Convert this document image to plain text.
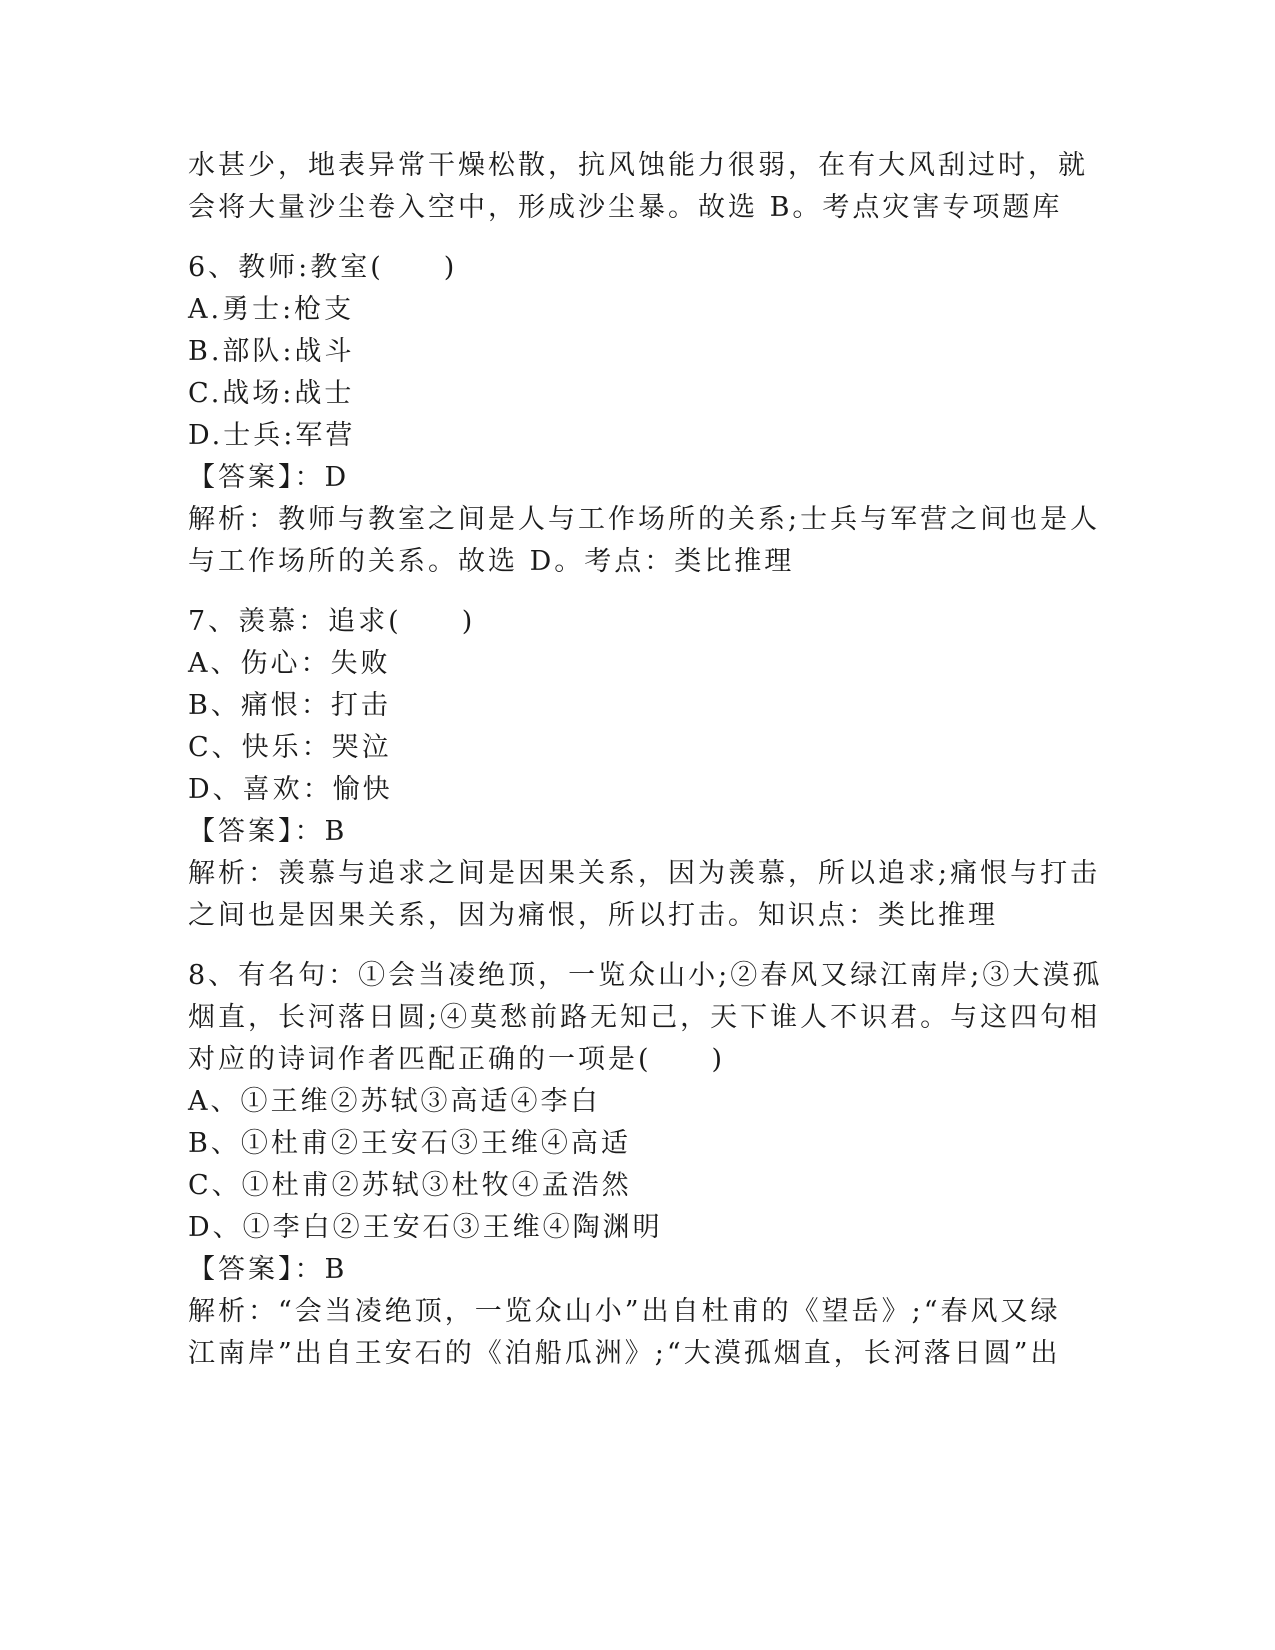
水甚少，地表异常干燥松散，抗风蚀能力很弱，在有大风刮过时，就
会将大量沙尘卷入空中，形成沙尘暴。故选 B。考点灾害专项题库
6、教师:教室(　　)
A.勇士:枪支
B.部队:战斗
C.战场:战士
D.士兵:军营
【答案】：D
解析：教师与教室之间是人与工作场所的关系;士兵与军营之间也是人
与工作场所的关系。故选 D。考点：类比推理
7、羡慕：追求(　　)
A、伤心：失败
B、痛恨：打击
C、快乐：哭泣
D、喜欢：愉快
【答案】：B
解析：羡慕与追求之间是因果关系，因为羡慕，所以追求;痛恨与打击
之间也是因果关系，因为痛恨，所以打击。知识点：类比推理
8、有名句：①会当凌绝顶，一览众山小;②春风又绿江南岸;③大漠孤
烟直，长河落日圆;④莫愁前路无知己，天下谁人不识君。与这四句相
对应的诗词作者匹配正确的一项是(　　)
A、①王维②苏轼③高适④李白
B、①杜甫②王安石③王维④高适
C、①杜甫②苏轼③杜牧④孟浩然
D、①李白②王安石③王维④陶渊明
【答案】：B
解析：“会当凌绝顶，一览众山小”出自杜甫的《望岳》;“春风又绿
江南岸”出自王安石的《泊船瓜洲》;“大漠孤烟直，长河落日圆”出
